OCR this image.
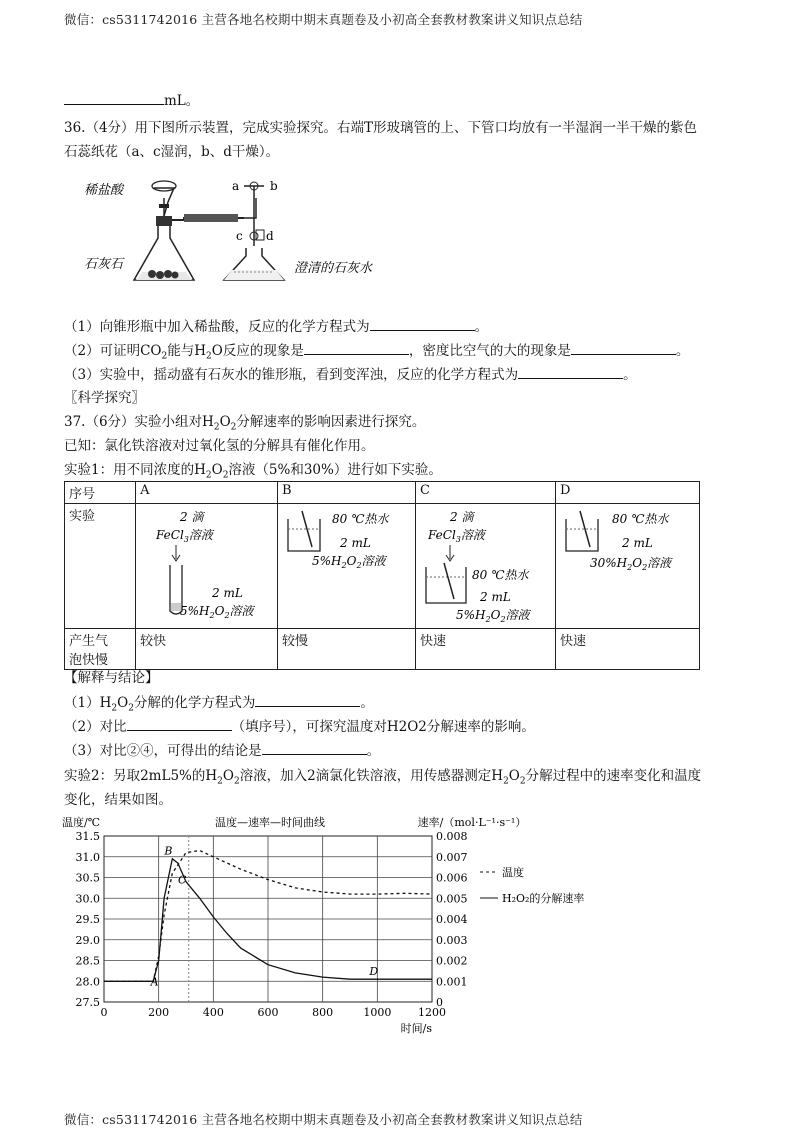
微信：cs5311742016 主营各地名校期中期末真题卷及小初高全套教材教案讲义知识点总结
mL。
36.（4分）用下图所示装置，完成实验探究。右端T形玻璃管的上、下管口均放有一半湿润一半干燥的紫色
石蕊纸花（a、c湿润，b、d干燥）。
稀盐酸
石灰石	澄清的石灰水
a	b
c d
（1）向锥形瓶中加入稀盐酸，反应的化学方程式为	。
（2）可证明$CO_2$能与$H_2O$反应的现象是	，密度比空气的大的现象是	。
（3）实验中，摇动盛有石灰水的锥形瓶，看到变浑浊，反应的化学方程式为	。
〖科学探究〗
37.（6分）实验小组对$H_2O_2$分解速率的影响因素进行探究。
已知：氯化铁溶液对过氧化氢的分解具有催化作用。
实验1：用不同浓度的$H_2O_2$溶液（5%和30%）进行如下实验。
序号	A	B	C	D
实验	2 滴
FeCl$_3$溶液
2 mL
$5\%H_2O_2$溶液	80 ℃热水
2 mL
$5\%H_2O_2$溶液	2 滴
FeCl$_3$溶液
80 ℃热水
2 mL
$5\%H_2O_2$溶液	80 ℃热水
2 mL
$30\%H_2O_2$溶液

产生气
泡快慢	较快	较慢	快速	快速
【解释与结论】
$(1)H_2O_2$分解的化学方程式为	。
（2）对比	（填序号），可探究温度对H2O2分解速率的影响。
（3）对比②④，可得出的结论是	。
实验2：另取2mL5%的$H_2O_2$溶液，加入2滴氯化铁溶液，用传感器测定$H_2O_2$分解过程中的速率变化和温度
变化，结果如图。
0	200	400	600	800	1000 1200
27.5
28.0
28.5
29.0
29.5
30.0
30.5
31.0
31.5
0
0.001
0.002
0.003
0.004
0.005
0.006
0.007
0.008
A
B
C
D
温度/℃	温度—速率—时间曲线	速率/（mol·L⁻¹·s⁻¹）
时间/s
温度
H₂O₂的分解速率
微信：cs5311742016 主营各地名校期中期末真题卷及小初高全套教材教案讲义知识点总结
